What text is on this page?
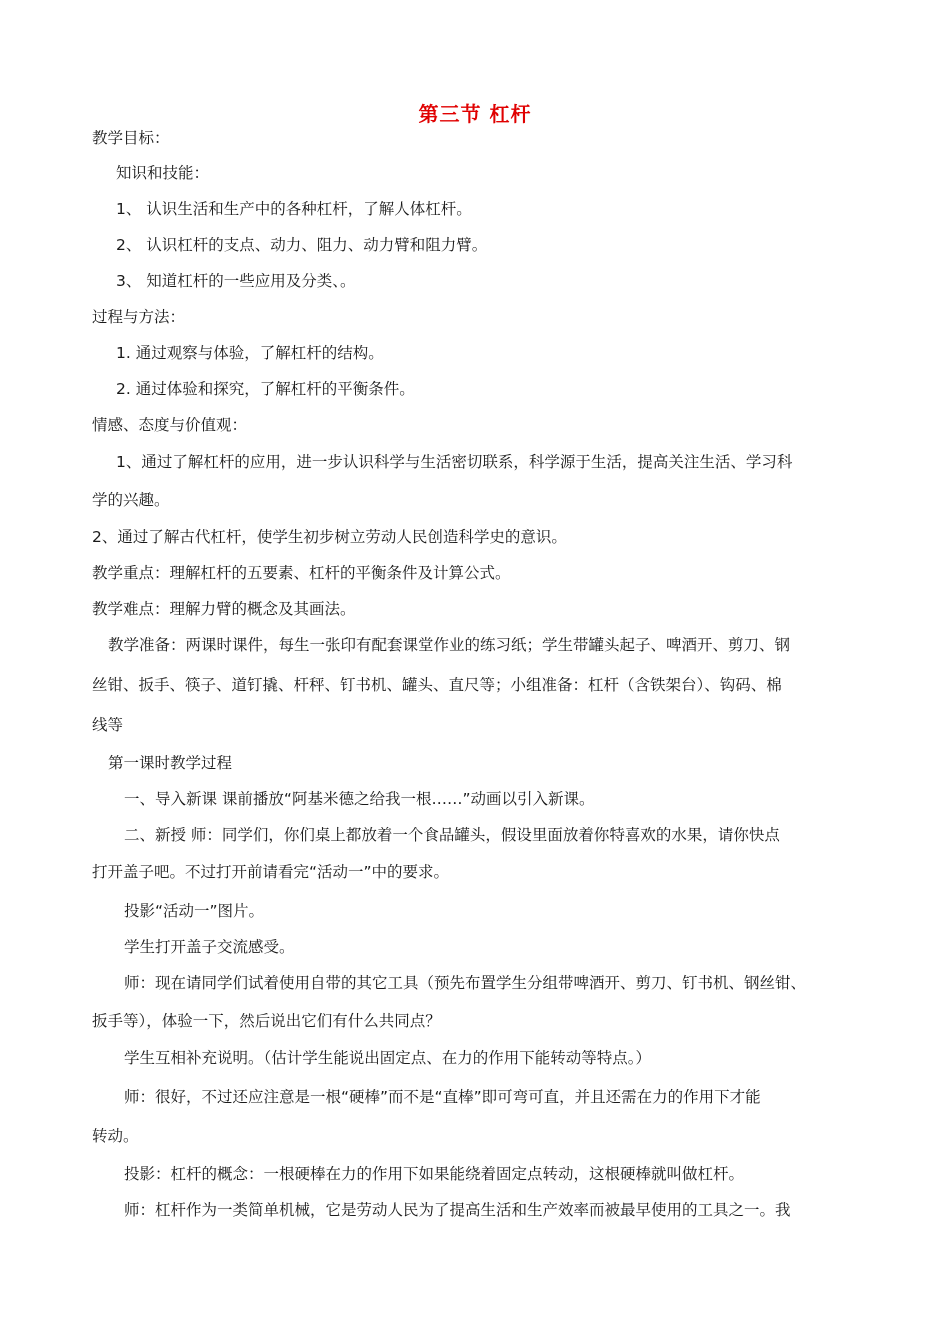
第三节 杠杆
教学目标：
知识和技能：
1、 认识生活和生产中的各种杠杆，了解人体杠杆。
2、 认识杠杆的支点、动力、阻力、动力臂和阻力臂。
3、 知道杠杆的一些应用及分类、。
过程与方法：
1. 通过观察与体验，了解杠杆的结构。
2. 通过体验和探究，了解杠杆的平衡条件。
情感、态度与价值观：
1、通过了解杠杆的应用，进一步认识科学与生活密切联系，科学源于生活，提高关注生活、学习科
学的兴趣。
2、通过了解古代杠杆，使学生初步树立劳动人民创造科学史的意识。
教学重点：理解杠杆的五要素、杠杆的平衡条件及计算公式。
教学难点：理解力臂的概念及其画法。
教学准备：两课时课件，每生一张印有配套课堂作业的练习纸；学生带罐头起子、啤酒开、剪刀、钢
丝钳、扳手、筷子、道钉撬、杆秤、钉书机、罐头、直尺等；小组准备：杠杆（含铁架台）、钩码、棉
线等
第一课时教学过程
一、导入新课 课前播放“阿基米德之给我一根……”动画以引入新课。
二、新授 师：同学们，你们桌上都放着一个食品罐头，假设里面放着你特喜欢的水果，请你快点
打开盖子吧。不过打开前请看完“活动一”中的要求。
投影“活动一”图片。
学生打开盖子交流感受。
师：现在请同学们试着使用自带的其它工具（预先布置学生分组带啤酒开、剪刀、钉书机、钢丝钳、
扳手等），体验一下，然后说出它们有什么共同点？
学生互相补充说明。（估计学生能说出固定点、在力的作用下能转动等特点。）
师：很好，不过还应注意是一根“硬棒”而不是“直棒”即可弯可直，并且还需在力的作用下才能
转动。
投影：杠杆的概念：一根硬棒在力的作用下如果能绕着固定点转动，这根硬棒就叫做杠杆。
师：杠杆作为一类简单机械，它是劳动人民为了提高生活和生产效率而被最早使用的工具之一。我
